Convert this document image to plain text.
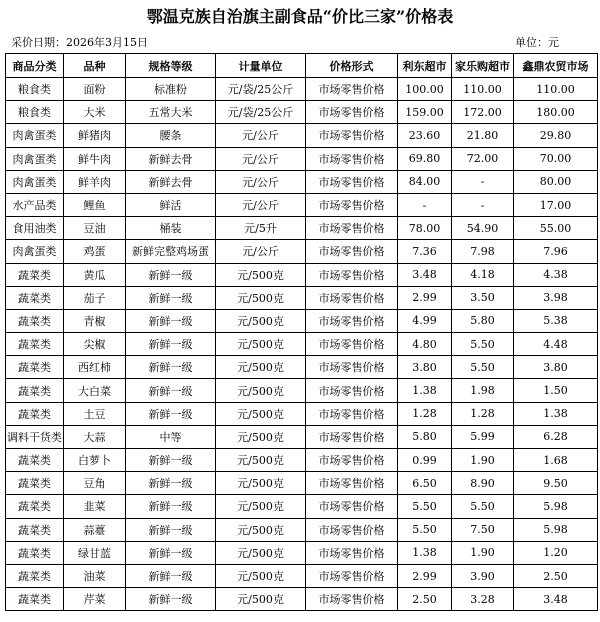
鄂温克族自治旗主副食品“价比三家”价格表
采价日期：2026年3月15日	单位：元
商品分类	品种	规格等级	计量单位	价格形式	利东超市	家乐购超市	鑫鼎农贸市场
粮食类	面粉	标准粉	元/袋/25公斤	市场零售价格	100.00	110.00	110.00
粮食类	大米	五常大米	元/袋/25公斤	市场零售价格	159.00	172.00	180.00
肉禽蛋类	鲜猪肉	腰条	元/公斤	市场零售价格	23.60	21.80	29.80
肉禽蛋类	鲜牛肉	新鲜去骨	元/公斤	市场零售价格	69.80	72.00	70.00
肉禽蛋类	鲜羊肉	新鲜去骨	元/公斤	市场零售价格	84.00	-	80.00
水产品类	鲤鱼	鲜活	元/公斤	市场零售价格	-	-	17.00
食用油类	豆油	桶装	元/5升	市场零售价格	78.00	54.90	55.00
肉禽蛋类	鸡蛋	新鲜完整鸡场蛋	元/公斤	市场零售价格	7.36	7.98	7.96
蔬菜类	黄瓜	新鲜一级	元/500克	市场零售价格	3.48	4.18	4.38
蔬菜类	茄子	新鲜一级	元/500克	市场零售价格	2.99	3.50	3.98
蔬菜类	青椒	新鲜一级	元/500克	市场零售价格	4.99	5.80	5.38
蔬菜类	尖椒	新鲜一级	元/500克	市场零售价格	4.80	5.50	4.48
蔬菜类	西红柿	新鲜一级	元/500克	市场零售价格	3.80	5.50	3.80
蔬菜类	大白菜	新鲜一级	元/500克	市场零售价格	1.38	1.98	1.50
蔬菜类	土豆	新鲜一级	元/500克	市场零售价格	1.28	1.28	1.38
调料干货类	大蒜	中等	元/500克	市场零售价格	5.80	5.99	6.28
蔬菜类	白萝卜	新鲜一级	元/500克	市场零售价格	0.99	1.90	1.68
蔬菜类	豆角	新鲜一级	元/500克	市场零售价格	6.50	8.90	9.50
蔬菜类	韭菜	新鲜一级	元/500克	市场零售价格	5.50	5.50	5.98
蔬菜类	蒜薹	新鲜一级	元/500克	市场零售价格	5.50	7.50	5.98
蔬菜类	绿甘蓝	新鲜一级	元/500克	市场零售价格	1.38	1.90	1.20
蔬菜类	油菜	新鲜一级	元/500克	市场零售价格	2.99	3.90	2.50
蔬菜类	芹菜	新鲜一级	元/500克	市场零售价格	2.50	3.28	3.48
